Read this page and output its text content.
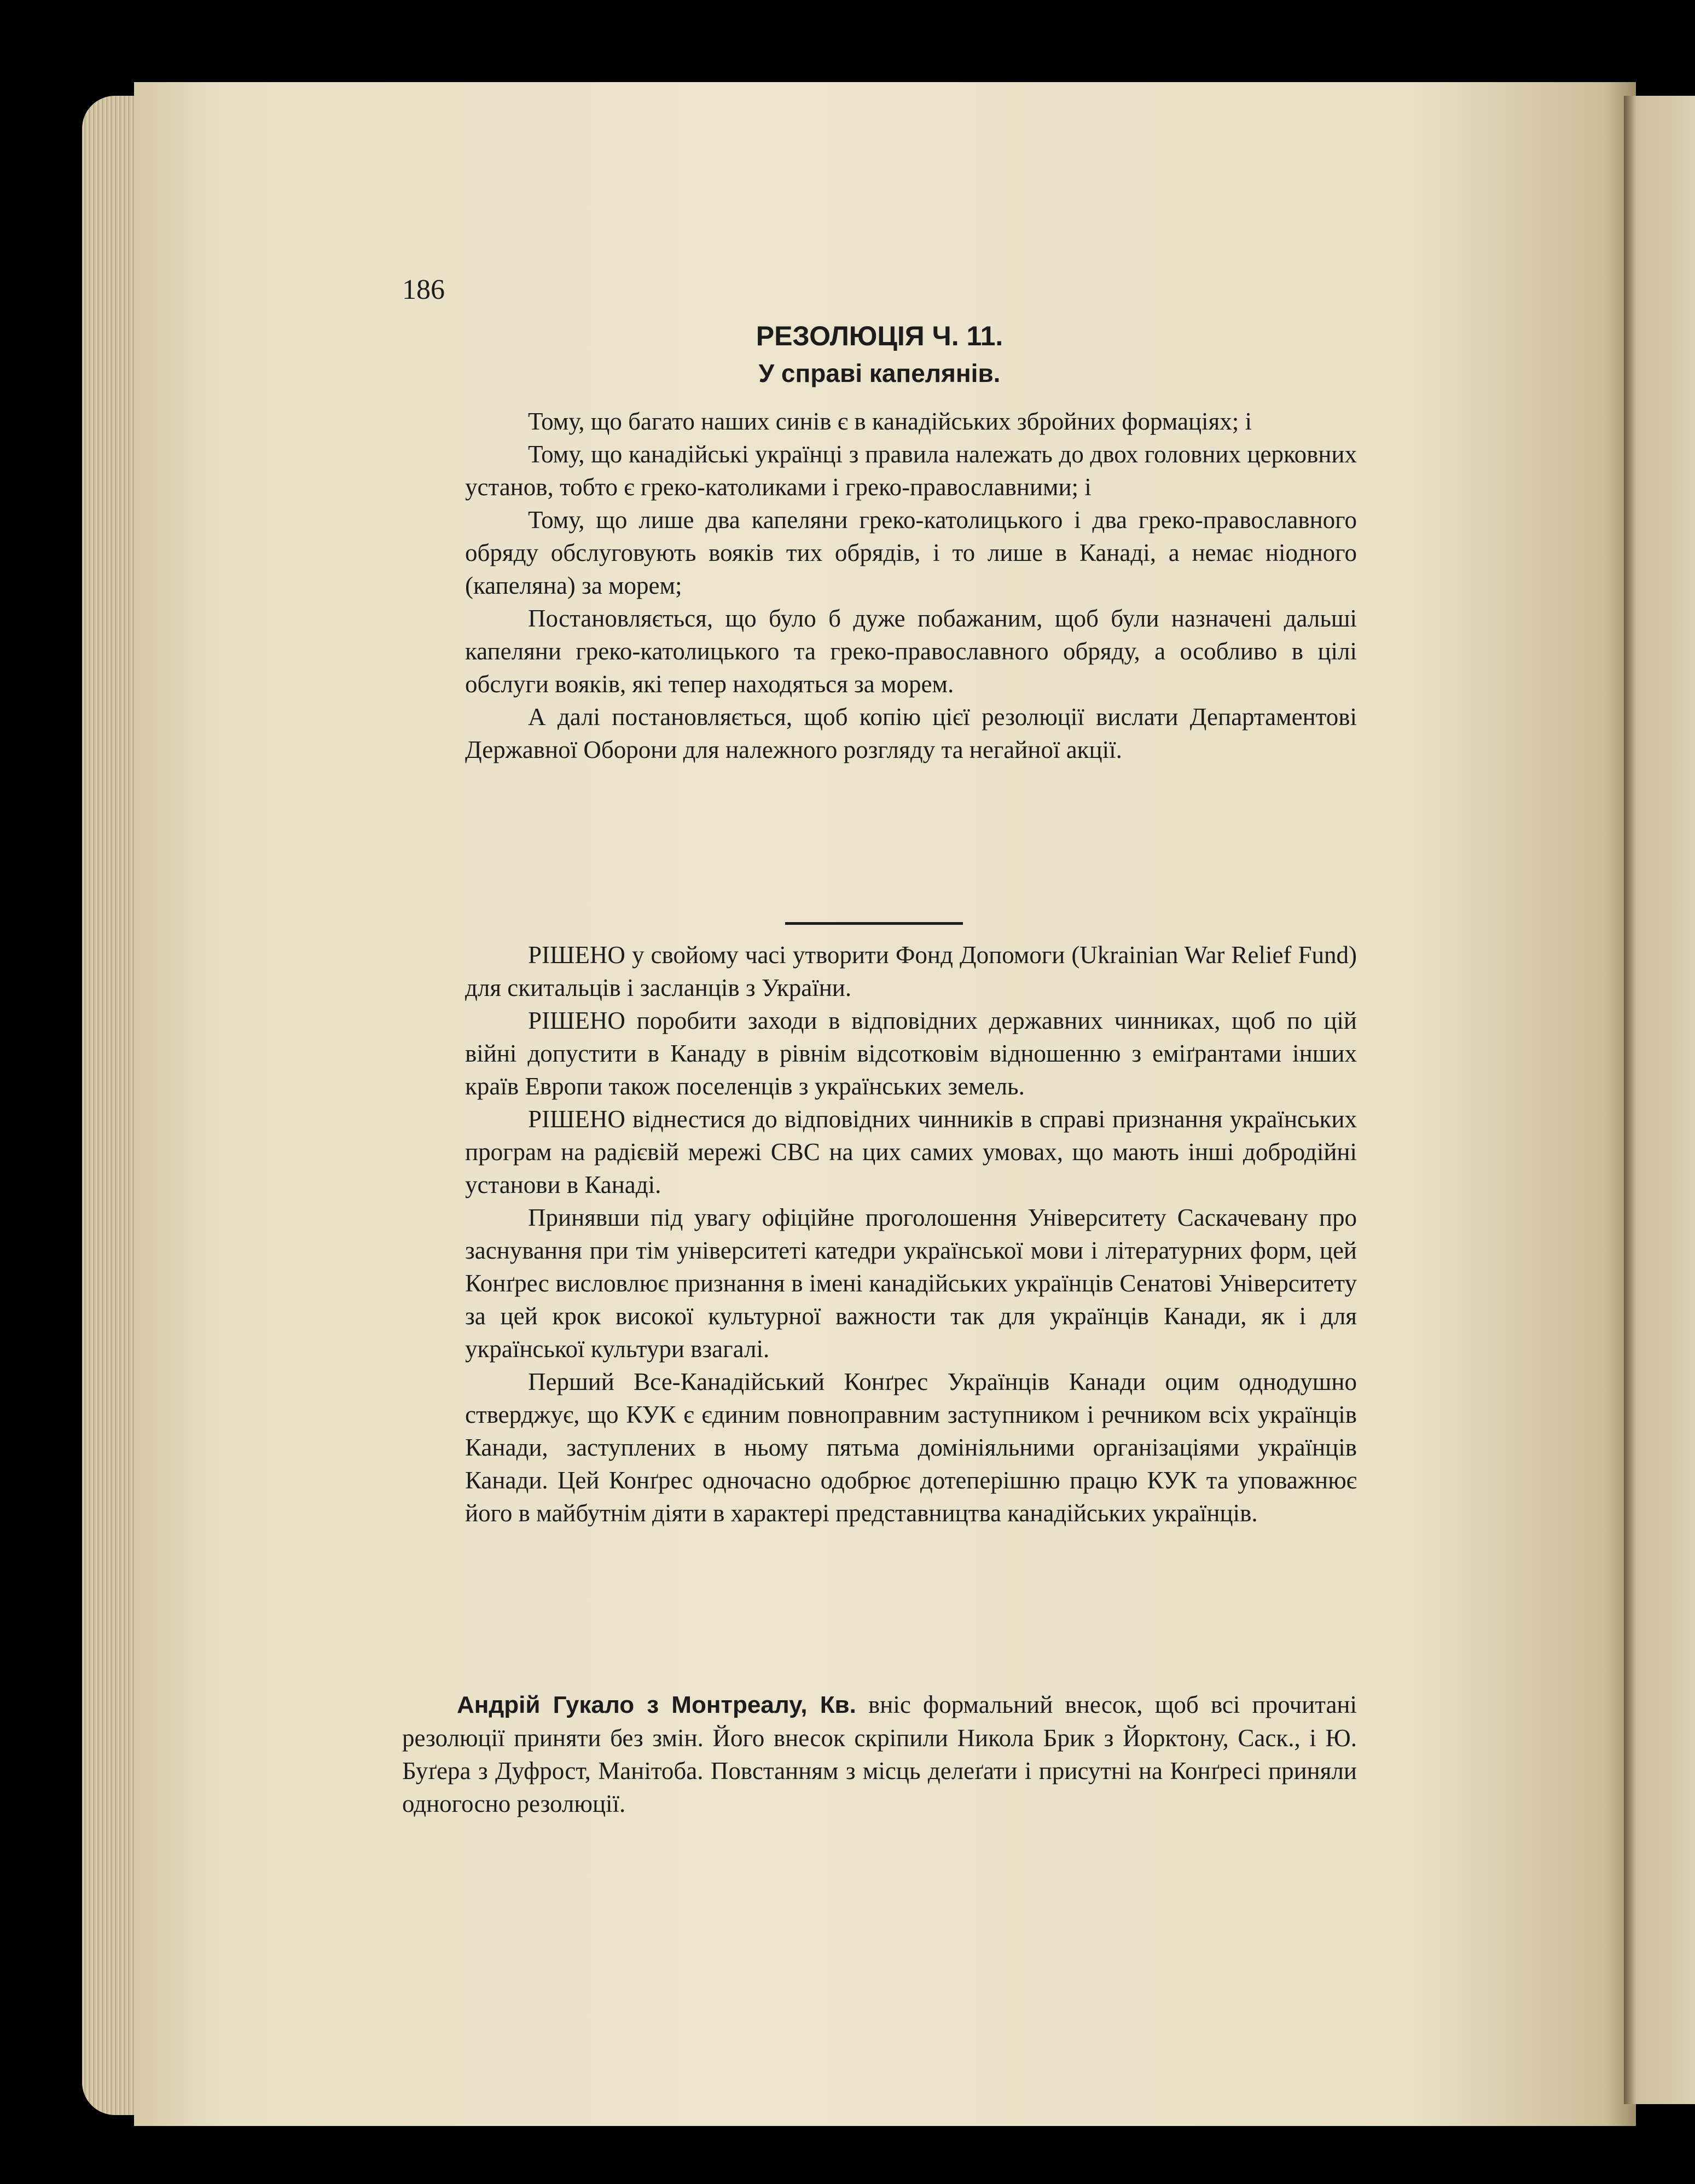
186
РЕЗОЛЮЦІЯ Ч. 11.
У справі капелянів.

Тому, що багато наших синів є в канадійських збройних формаціях; і

Тому, що канадійські українці з правила належать до двох головних церковних установ, тобто є греко-католиками і греко-православними; і

Тому, що лише два капеляни греко-католицького і два греко-православного обряду обслуговують вояків тих обрядів, і то лише в Канаді, а немає ніодного (капеляна) за морем;

Постановляється, що було б дуже побажаним, щоб були назначені дальші капеляни греко-католицького та греко-православного обряду, а особливо в цілі обслуги вояків, які тепер находяться за морем.

А далі постановляється, щоб копію цієї резолюції вислати Департаментові Державної Оборони для належного розгляду та негайної акції.

РІШЕНО у свойому часі утворити Фонд Допомоги (Ukrainian War Relief Fund) для скитальців і засланців з України.

РІШЕНО поробити заходи в відповідних державних чинниках, щоб по цій війні допустити в Канаду в рівнім відсотковім відношенню з еміґрантами інших країв Европи також поселенців з українських земель.

РІШЕНО віднестися до відповідних чинників в справі признання українських програм на радієвій мережі CBC на цих самих умовах, що мають інші добродійні установи в Канаді.

Принявши під увагу офіційне проголошення Університету Саскачевану про заснування при тім університеті катедри української мови і літературних форм, цей Конґрес висловлює признання в імені канадійських українців Сенатові Університету за цей крок високої культурної важности так для українців Канади, як і для української культури взагалі.

Перший Все-Канадійський Конґрес Українців Канади оцим однодушно стверджує, що КУК є єдиним повноправним заступником і речником всіх українців Канади, заступлених в ньому пятьма домініяльними організаціями українців Канади. Цей Конґрес одночасно одобрює дотеперішню працю КУК та уповажнює його в майбутнім діяти в характері представництва канадійських українців.

Андрій Гукало з Монтреалу, Кв. вніс формальний внесок, щоб всі прочитані резолюції приняти без змін. Його внесок скріпили Никола Брик з Йорктону, Саск., і Ю. Буґера з Дуфрост, Манітоба. Повстанням з місць делеґати і присутні на Конґресі приняли одногосно резолюції.
